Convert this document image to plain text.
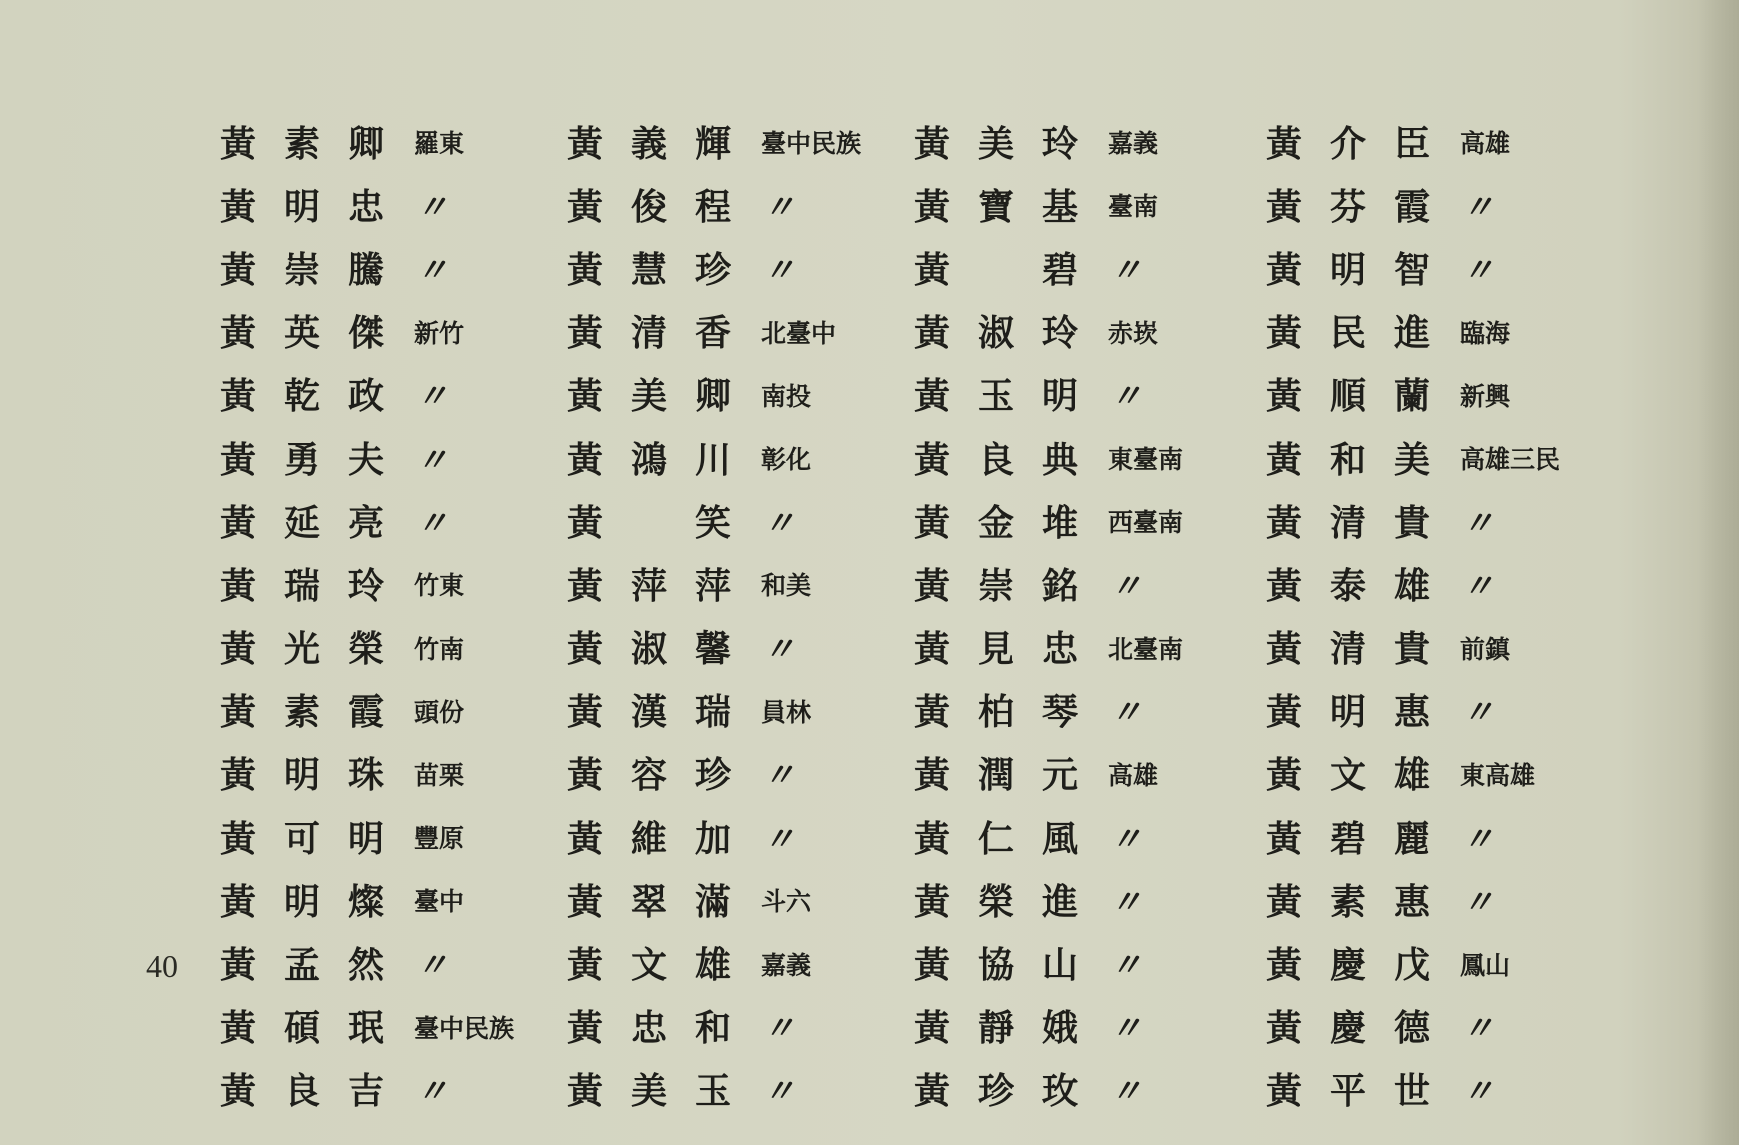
黃 素 卿	羅東	黃 義 輝	臺中民族 黃 美 玲	嘉義	黃 介 臣	高雄
黃 明 忠 〃	黃 俊 程 〃	黃 寶 基	臺南	黃 芬 霞 〃
黃 崇 騰 〃	黃 慧 珍 〃	黃	碧 〃	黃 明 智 〃
黃 英 傑	新竹	黃 清 香	北臺中 黃 淑 玲	赤崁	黃 民 進	臨海
黃 乾 政 〃	黃 美 卿	南投	黃 玉 明 〃	黃 順 蘭	新興
黃 勇 夫 〃	黃 鴻 川	彰化	黃 良 典	東臺南 黃 和 美	高雄三民
黃 延 亮 〃	黃	笑 〃	黃 金 堆	西臺南 黃 清 貴 〃
黃 瑞 玲	竹東	黃 萍 萍	和美	黃 崇 銘 〃	黃 泰 雄 〃
黃 光 榮	竹南	黃 淑 馨 〃	黃 見 忠	北臺南 黃 清 貴	前鎮
黃 素 霞	頭份	黃 漢 瑞	員林	黃 柏 琴 〃	黃 明 惠 〃
黃 明 珠	苗栗	黃 容 珍 〃	黃 潤 元	高雄	黃 文 雄	東高雄
黃 可 明	豐原	黃 維 加 〃	黃 仁 風 〃	黃 碧 麗 〃
黃 明 燦	臺中	黃 翠 滿	斗六	黃 榮 進 〃	黃 素 惠 〃
黃 孟 然 〃	黃 文 雄	嘉義	黃 協 山 〃	黃 慶 戊	鳳山
黃 碩 珉	臺中民族 黃 忠 和 〃	黃 靜 娥 〃	黃 慶 德 〃
黃 良 吉 〃	黃 美 玉 〃	黃 珍 玫 〃	黃 平 世 〃
40
